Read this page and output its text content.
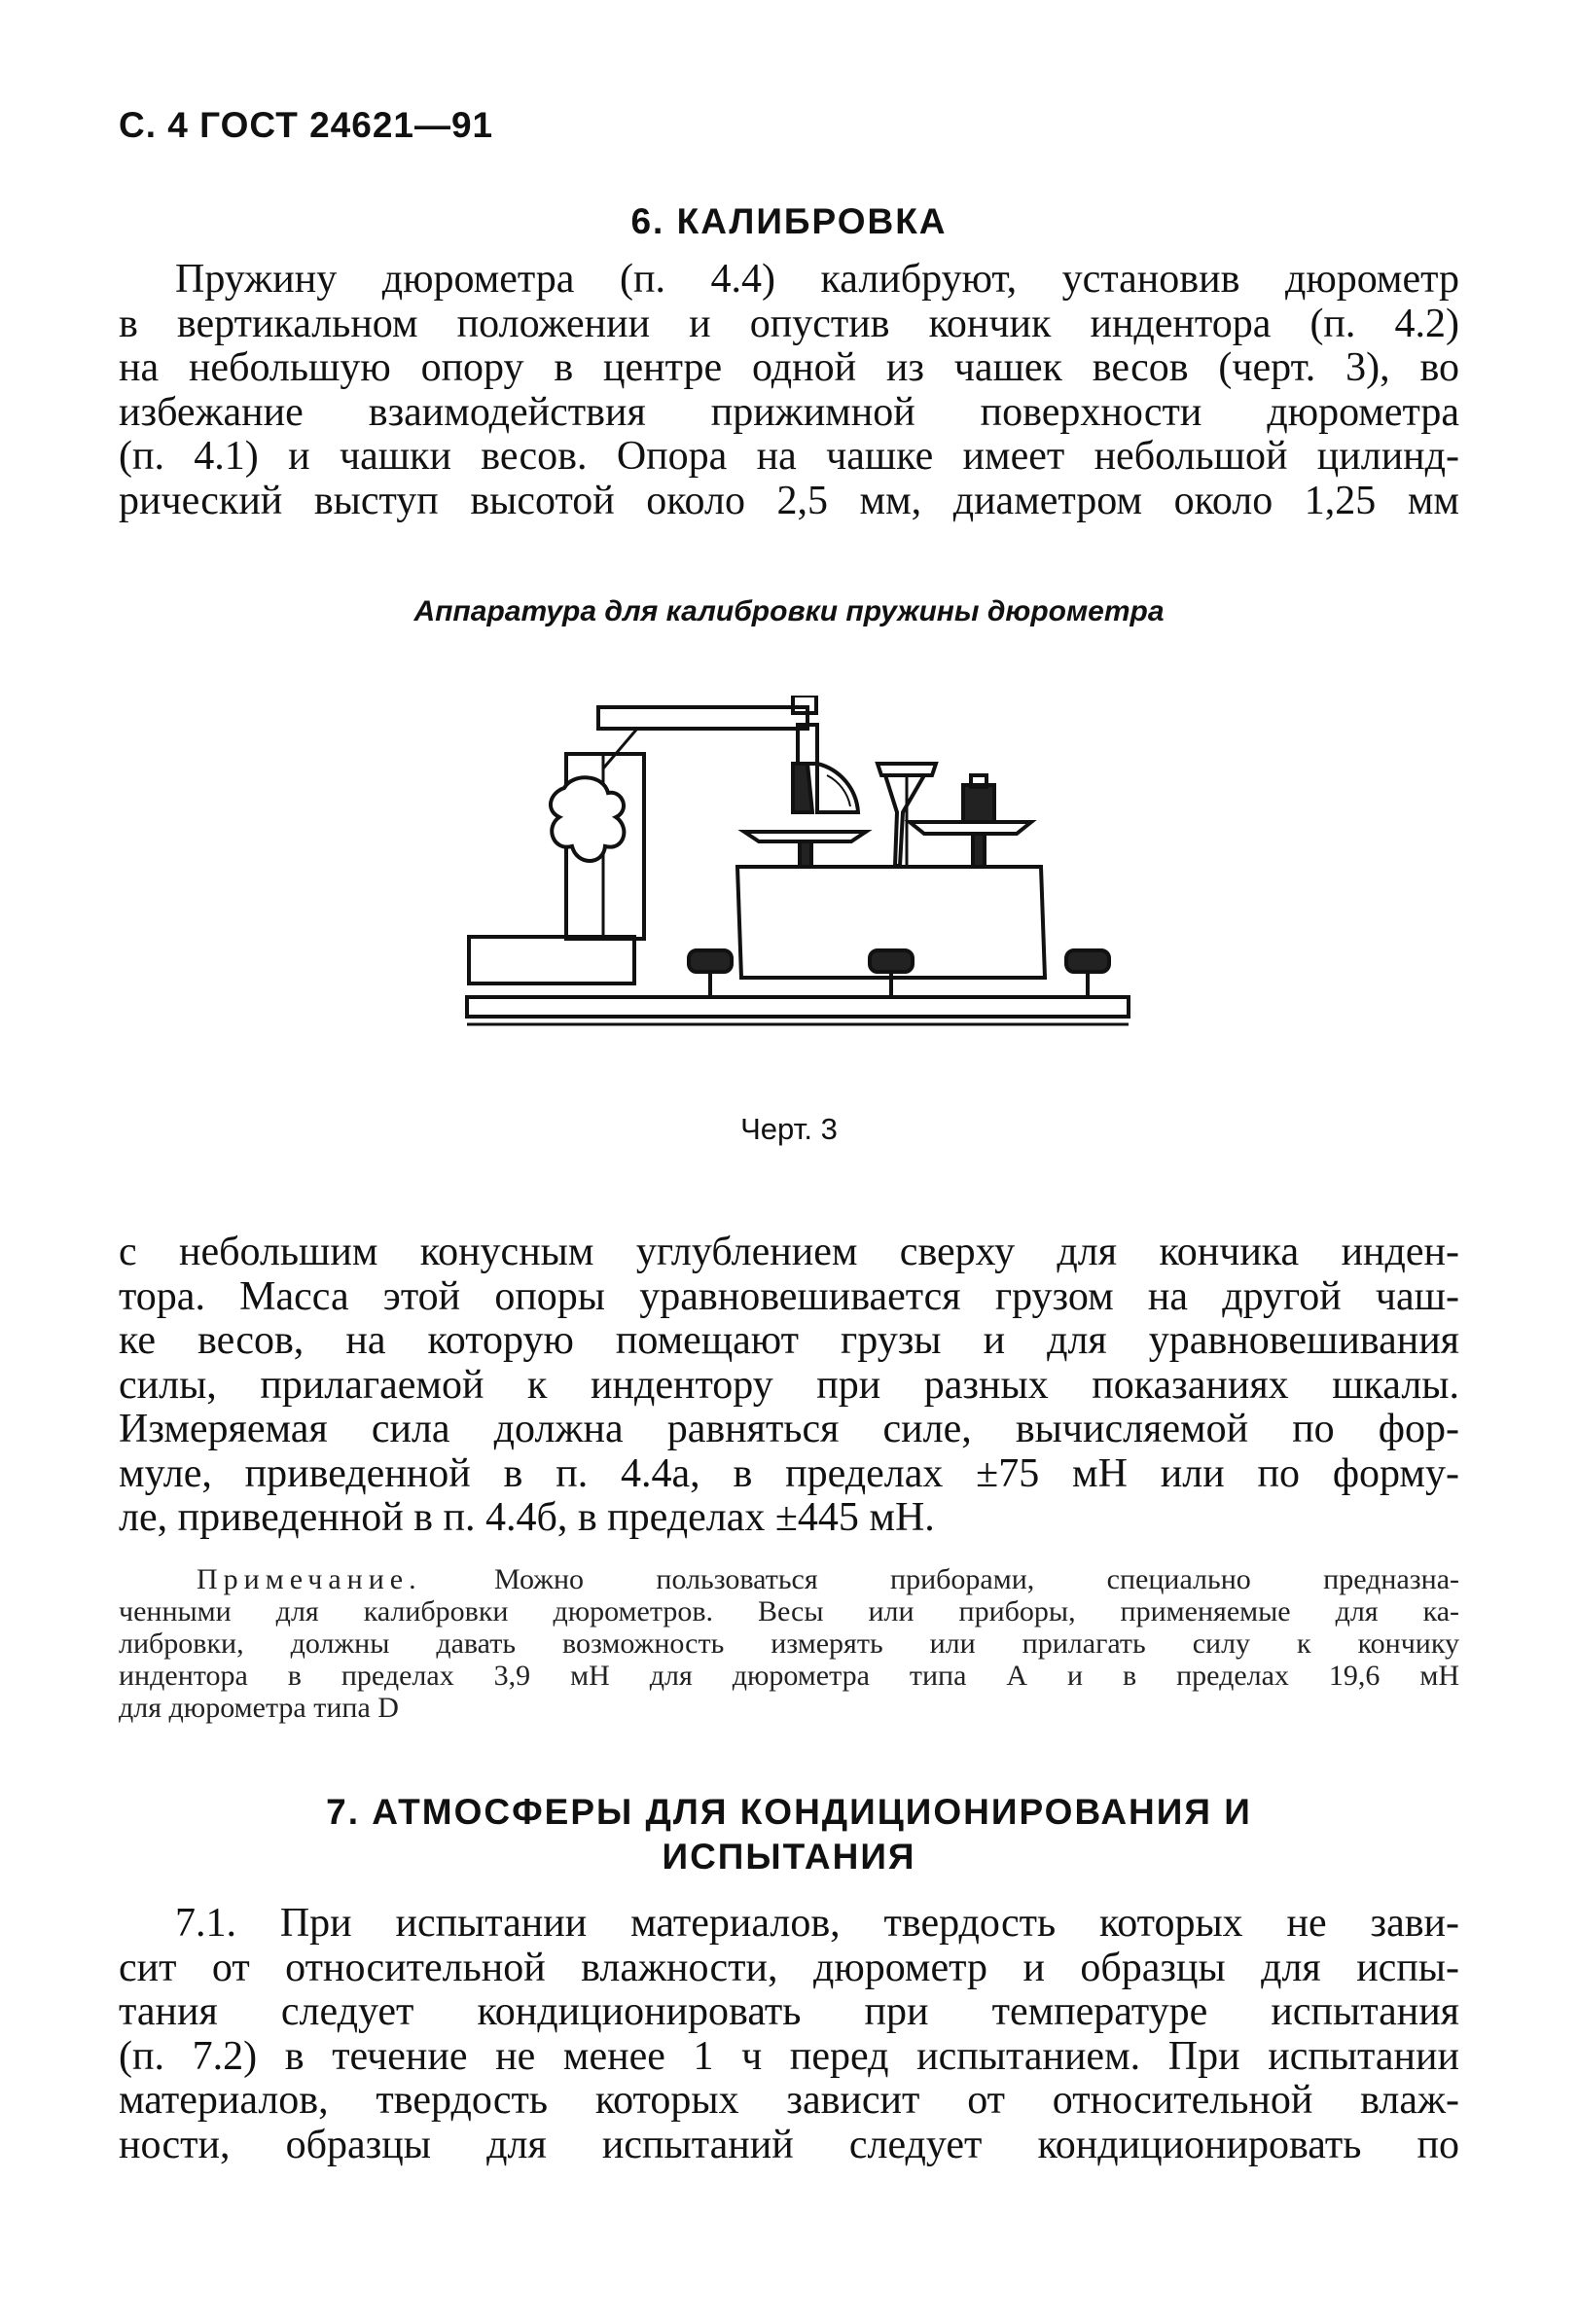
С. 4 ГОСТ 24621—91
6. КАЛИБРОВКА
Пружину дюрометра (п. 4.4) калибруют, установив дюрометр
в вертикальном положении и опустив кончик индентора (п. 4.2)
на небольшую опору в центре одной из чашек весов (черт. 3), во
избежание взаимодействия прижимной поверхности дюрометра
(п. 4.1) и чашки весов. Опора на чашке имеет небольшой цилинд-
рический выступ высотой около 2,5 мм, диаметром около 1,25 мм
Аппаратура для калибровки пружины дюрометра
Черт. 3
с небольшим конусным углублением сверху для кончика инден-
тора. Масса этой опоры уравновешивается грузом на другой чаш-
ке весов, на которую помещают грузы и для уравновешивания
силы, прилагаемой к индентору при разных показаниях шкалы.
Измеряемая сила должна равняться силе, вычисляемой по фор-
муле, приведенной в п. 4.4а, в пределах ±75 мН или по форму-
ле, приведенной в п. 4.4б, в пределах ±445 мН.
Примечание. Можно пользоваться приборами, специально предназна-
ченными для калибровки дюрометров. Весы или приборы, применяемые для ка-
либровки, должны давать возможность измерять или прилагать силу к кончику
индентора в пределах 3,9 мН для дюрометра типа А и в пределах 19,6 мН
для дюрометра типа D
7. АТМОСФЕРЫ ДЛЯ КОНДИЦИОНИРОВАНИЯ И
ИСПЫТАНИЯ
7.1. При испытании материалов, твердость которых не зави-
сит от относительной влажности, дюрометр и образцы для испы-
тания следует кондиционировать при температуре испытания
(п. 7.2) в течение не менее 1 ч перед испытанием. При испытании
материалов, твердость которых зависит от относительной влаж-
ности, образцы для испытаний следует кондиционировать по
